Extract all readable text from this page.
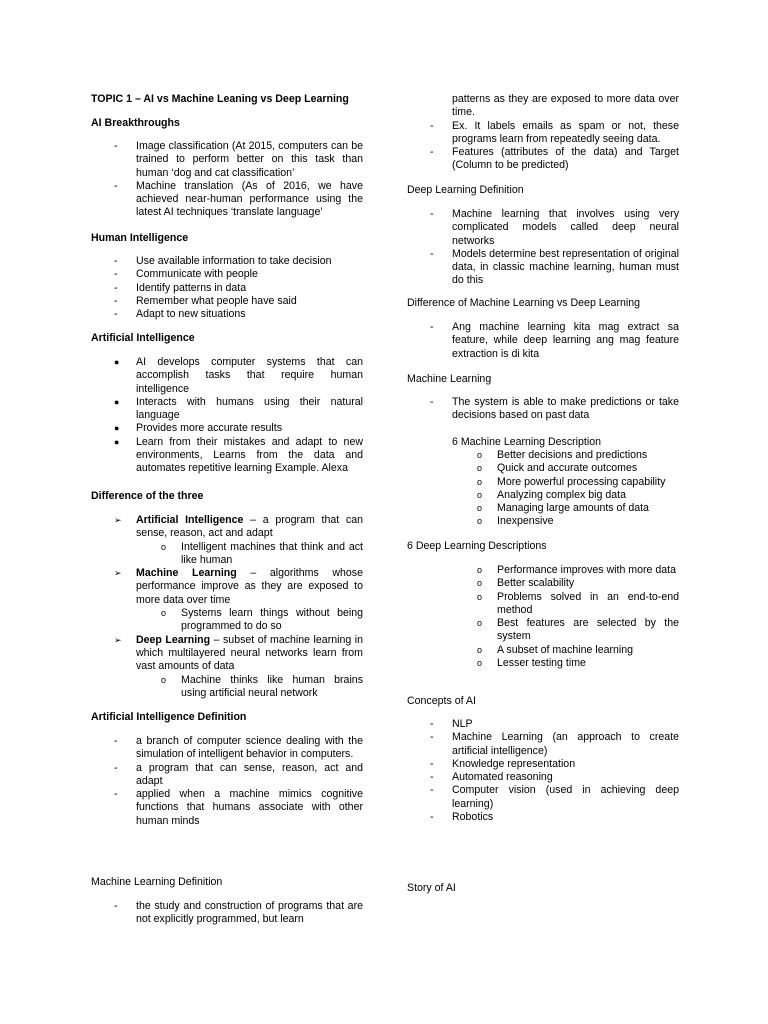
TOPIC 1 – AI vs Machine Leaning vs Deep Learning
AI Breakthroughs
- Image classification (At 2015, computers can be trained to perform better on this task than human ‘dog and cat classification’
- Machine translation (As of 2016, we have achieved near-human performance using the latest AI techniques ‘translate language’
Human Intelligence
- Use available information to take decision
- Communicate with people
- Identify patterns in data
- Remember what people have said
- Adapt to new situations
Artificial Intelligence
● AI develops computer systems that can accomplish tasks that require human intelligence
● Interacts with humans using their natural language
● Provides more accurate results
● Learn from their mistakes and adapt to new environments, Learns from the data and automates repetitive learning Example. Alexa
Difference of the three
➢ Artificial Intelligence – a program that can sense, reason, act and adapt
o Intelligent machines that think and act like human
➢ Machine Learning – algorithms whose performance improve as they are exposed to more data over time
o Systems learn things without being programmed to do so
➢ Deep Learning – subset of machine learning in which multilayered neural networks learn from vast amounts of data
o Machine thinks like human brains using artificial neural network
Artificial Intelligence Definition
- a branch of computer science dealing with the simulation of intelligent behavior in computers.
- a program that can sense, reason, act and adapt
- applied when a machine mimics cognitive functions that humans associate with other human minds
Machine Learning Definition
- the study and construction of programs that are not explicitly programmed, but learn
patterns as they are exposed to more data over time.
- Ex. It labels emails as spam or not, these programs learn from repeatedly seeing data.
- Features (attributes of the data) and Target (Column to be predicted)
Deep Learning Definition
- Machine learning that involves using very complicated models called deep neural networks
- Models determine best representation of original data, in classic machine learning, human must do this
Difference of Machine Learning vs Deep Learning
- Ang machine learning kita mag extract sa feature, while deep learning ang mag feature extraction is di kita
Machine Learning
- The system is able to make predictions or take decisions based on past data
6 Machine Learning Description
o Better decisions and predictions
o Quick and accurate outcomes
o More powerful processing capability
o Analyzing complex big data
o Managing large amounts of data
o Inexpensive
6 Deep Learning Descriptions
o Performance improves with more data
o Better scalability
o Problems solved in an end-to-end method
o Best features are selected by the system
o A subset of machine learning
o Lesser testing time
Concepts of AI
- NLP
- Machine Learning (an approach to create artificial intelligence)
- Knowledge representation
- Automated reasoning
- Computer vision (used in achieving deep learning)
- Robotics
Story of AI
